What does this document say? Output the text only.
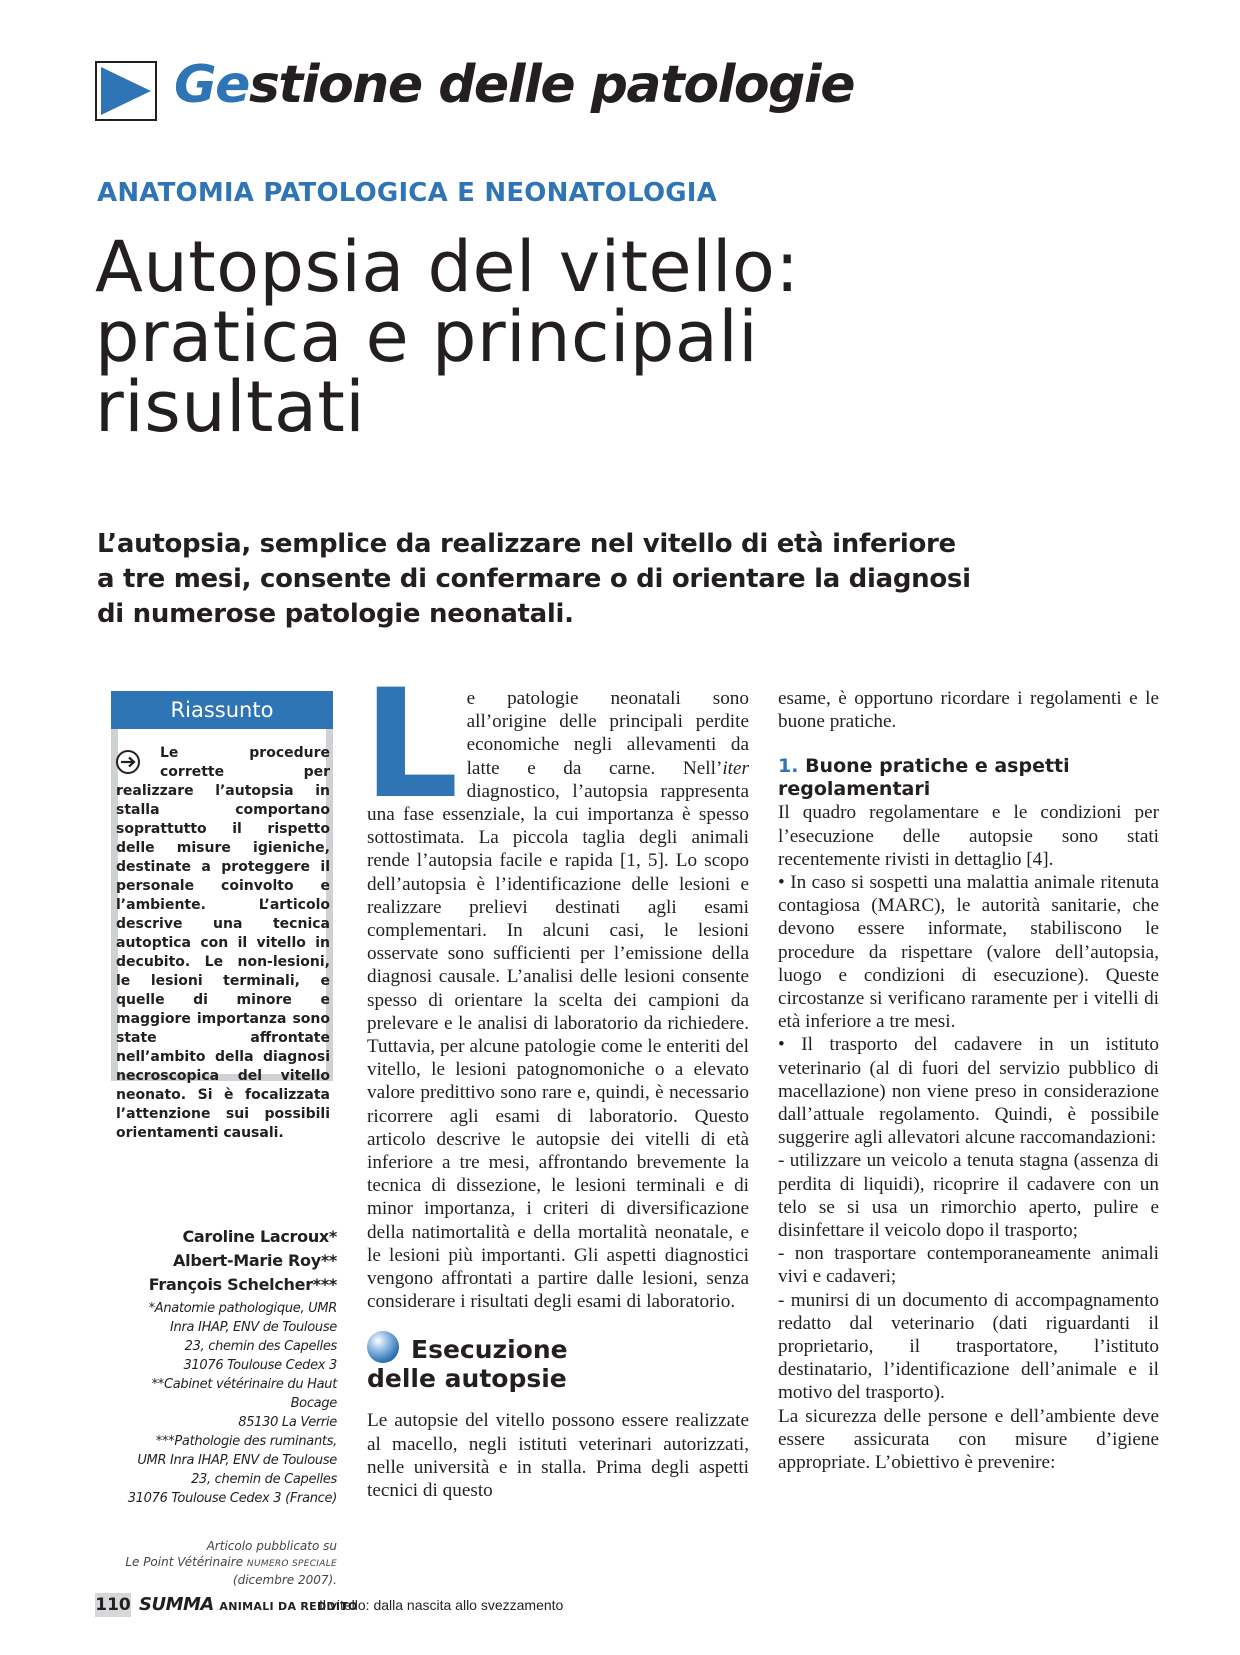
Gestione delle patologie
ANATOMIA PATOLOGICA E NEONATOLOGIA
Autopsia del vitello:
pratica e principali
risultati
L’autopsia, semplice da realizzare nel vitello di età inferiore
a tre mesi, consente di confermare o di orientare la diagnosi
di numerose patologie neonatali.
Riassunto

Le procedure corrette per realizzare l’autopsia in stalla comportano soprattutto il rispetto delle misure igieniche, destinate a proteggere il personale coinvolto e l’ambiente. L’articolo descrive una tecnica autoptica con il vitello in decubito. Le non-lesioni, le lesioni terminali, e quelle di minore e maggiore importanza sono state affrontate nell’ambito della diagnosi necroscopica del vitello neonato. Si è focalizzata l’attenzione sui possibili orientamenti causali.

Caroline Lacroux*
Albert-Marie Roy**
François Schelcher***
*Anatomie pathologique, UMR
Inra IHAP, ENV de Toulouse
23, chemin des Capelles
31076 Toulouse Cedex 3
**Cabinet vétérinaire du Haut
Bocage
85130 La Verrie
***Pathologie des ruminants,
UMR Inra IHAP, ENV de Toulouse
23, chemin de Capelles
31076 Toulouse Cedex 3 (France)
Articolo pubblicato su
Le Point Vétérinaire NUMERO SPECIALE
(dicembre 2007).

Le patologie neonatali sono all’origine delle principali perdite economiche negli allevamenti da latte e da carne. Nell’iter diagnostico, l’autopsia rappresenta una fase essenziale, la cui importanza è spesso sottostimata. La piccola taglia degli animali rende l’autopsia facile e rapida [1, 5]. Lo scopo dell’autopsia è l’identificazione delle lesioni e realizzare prelievi destinati agli esami complementari. In alcuni casi, le lesioni osservate sono sufficienti per l’emissione della diagnosi causale. L’analisi delle lesioni consente spesso di orientare la scelta dei campioni da prelevare e le analisi di laboratorio da richiedere. Tuttavia, per alcune patologie come le enteriti del vitello, le lesioni patognomoniche o a elevato valore predittivo sono rare e, quindi, è necessario ricorrere agli esami di laboratorio. Questo articolo descrive le autopsie dei vitelli di età inferiore a tre mesi, affrontando brevemente la tecnica di dissezione, le lesioni terminali e di minor importanza, i criteri di diversificazione della natimortalità e della mortalità neonatale, e le lesioni più importanti. Gli aspetti diagnostici vengono affrontati a partire dalle lesioni, senza considerare i risultati degli esami di laboratorio.

Esecuzione
delle autopsie

Le autopsie del vitello possono essere realizzate al macello, negli istituti veterinari autorizzati, nelle università e in stalla. Prima degli aspetti tecnici di questo

esame, è opportuno ricordare i regolamenti e le buone pratiche.

1. Buone pratiche e aspetti regolamentari

Il quadro regolamentare e le condizioni per l’esecuzione delle autopsie sono stati recentemente rivisti in dettaglio [4].

• In caso si sospetti una malattia animale ritenuta contagiosa (MARC), le autorità sanitarie, che devono essere informate, stabiliscono le procedure da rispettare (valore dell’autopsia, luogo e condizioni di esecuzione). Queste circostanze si verificano raramente per i vitelli di età inferiore a tre mesi.

• Il trasporto del cadavere in un istituto veterinario (al di fuori del servizio pubblico di macellazione) non viene preso in considerazione dall’attuale regolamento. Quindi, è possibile suggerire agli allevatori alcune raccomandazioni:

- utilizzare un veicolo a tenuta stagna (assenza di perdita di liquidi), ricoprire il cadavere con un telo se si usa un rimorchio aperto, pulire e disinfettare il veicolo dopo il trasporto;

- non trasportare contemporaneamente animali vivi e cadaveri;

- munirsi di un documento di accompagnamento redatto dal veterinario (dati riguardanti il proprietario, il trasportatore, l’istituto destinatario, l’identificazione dell’animale e il motivo del trasporto).

La sicurezza delle persone e dell’ambiente deve essere assicurata con misure d’igiene appropriate. L’obiettivo è prevenire:

110 SUMMA ANIMALI DA REDDITO
Il vitello: dalla nascita allo svezzamento
